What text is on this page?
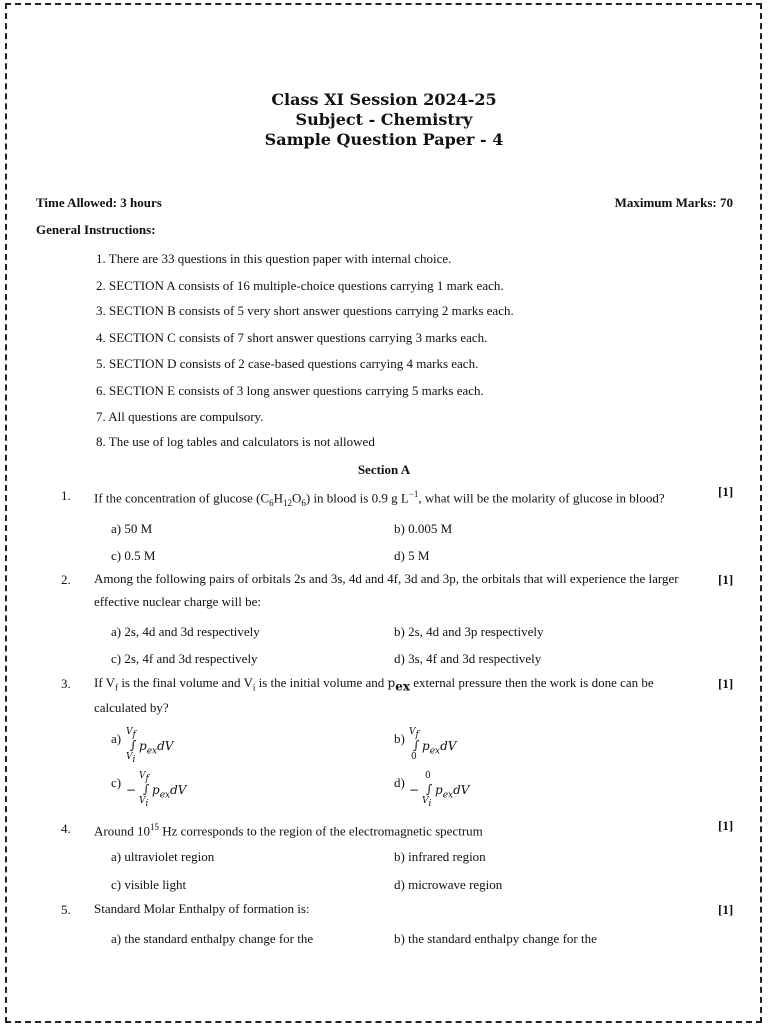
Class XI Session 2024-25
Subject - Chemistry
Sample Question Paper - 4
Time Allowed: 3 hours	Maximum Marks: 70
General Instructions:
1. There are 33 questions in this question paper with internal choice.
2. SECTION A consists of 16 multiple-choice questions carrying 1 mark each.
3. SECTION B consists of 5 very short answer questions carrying 2 marks each.
4. SECTION C consists of 7 short answer questions carrying 3 marks each.
5. SECTION D consists of 2 case-based questions carrying 4 marks each.
6. SECTION E consists of 3 long answer questions carrying 5 marks each.
7. All questions are compulsory.
8. The use of log tables and calculators is not allowed
Section A
1. If the concentration of glucose $(C_6H_{12}O_6)$ in blood is 0.9 g $L^{-1}$, what will be the molarity of glucose in blood?	[1]
a) 50 M	b) 0.005 M
c) 0.5 M	d) 5 M
2. Among the following pairs of orbitals 2s and 3s, 4d and 4f, 3d and 3p, the orbitals that will experience the larger
effective nuclear charge will be:
[1]
a) 2s, 4d and 3d respectively	b) 2s, 4d and 3p respectively
c) 2s, 4f and 3d respectively	d) 3s, 4f and 3d respectively
3. If $V_f$ is the final volume and $V_i$ is the initial volume and $p_{ex}$ external pressure then the work is done can be
calculated by?
[1]
a) $V_f$
∫
$V_i$
$p_{ex}dV$	b) $V_f$
∫
0
$p_{ex}dV$
c) −
$V_f$
∫
$V_i$
$p_{ex}dV$	d) −
0
∫
$V_i$
$p_{ex}dV$
4. Around $10^{15}$ Hz corresponds to the region of the electromagnetic spectrum	[1]
a) ultraviolet region	b) infrared region
c) visible light	d) microwave region
5. Standard Molar Enthalpy of formation is:	[1]
a) the standard enthalpy change for the	b) the standard enthalpy change for the
